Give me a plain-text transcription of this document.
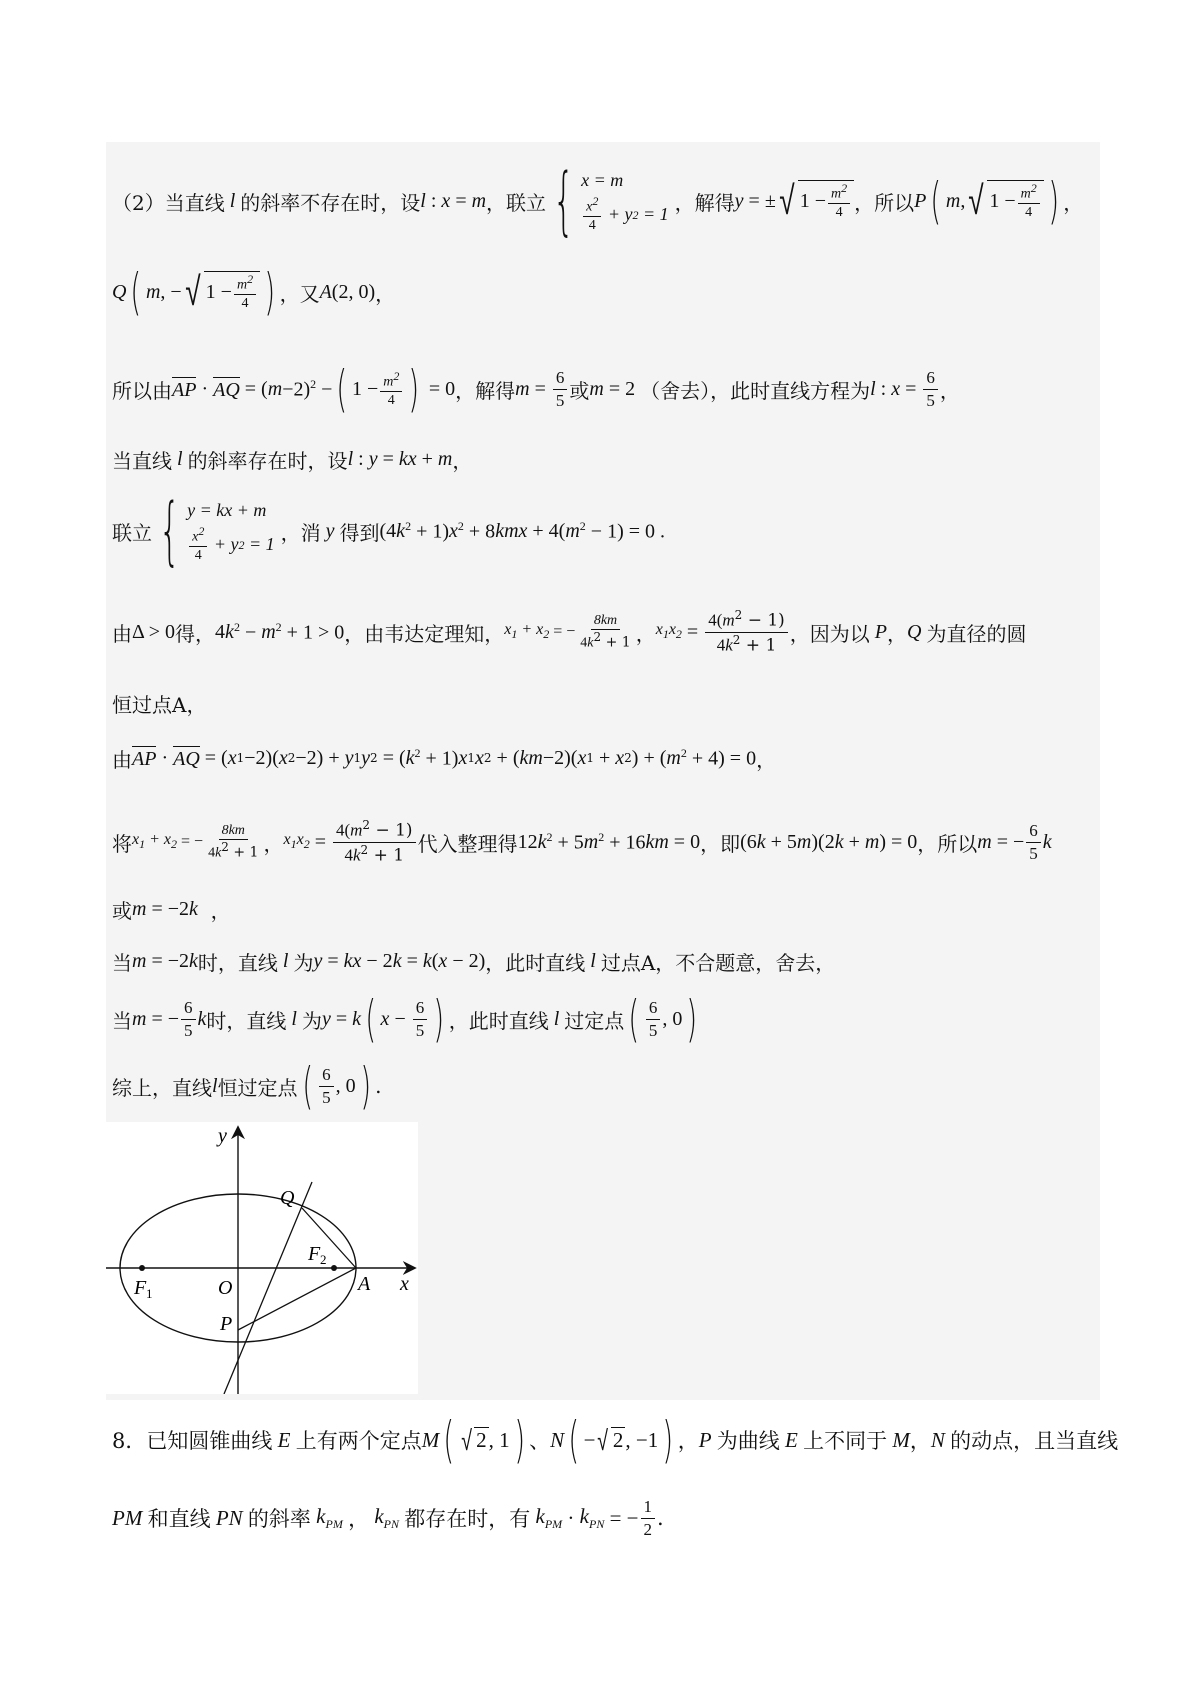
（2）当直线 l 的斜率不存在时，设 l : x = m ，联立 { x = m
$\frac{x^2}{4} + y$ 2 = 1 ，解得 y = ± √ $1 - \frac{m^2}{4}$ ，所以 P ( m , √ $1 - \frac{m^2}{4}$ ) ，
Q ( m , − √ $1 - \frac{m^2}{4}$ ) ，又 A (2, 0) ，
所以由 AP · AQ = ( m −2)$^2$ − ( $1 - \frac{m^2}{4}$ ) = 0 ，解得 $m = \frac{6}{5}$ 或 m = 2 （舍去），此时直线方程为 l : $x = \frac{6}{5}$ ，
当直线 l 的斜率存在时，设 l : y = kx + m ，
联立 { y = kx + m
$\frac{x^2}{4} + y$ 2 = 1 ，消 y 得到 (4 k $^2$ + 1) x $^2$ + 8 kmx + 4( m $^2$ − 1) = 0 .
由 Δ > 0 得， 4 k $^2$ − m $^2$ + 1 > 0 ，由韦达定理知， $x_1 + x_2$ = − $\frac{8km}{4k^2 + 1}$ ， $x_1x_2 = \frac{4(m^2 - 1)}{4k^2 + 1}$ ，因为以 P ， Q 为直径的圆
恒过点A，
由 AP · AQ = ( x 1 −2)( x 2 −2) + y 1 y 2 = ( k $^2$ + 1) x 1 x 2 + ( km −2)( x 1 + x 2 ) + ( m $^2$ + 4) = 0 ，
将 $x_1 + x_2$ = − $\frac{8km}{4k^2 + 1}$ ， $x_1x_2 = \frac{4(m^2 - 1)}{4k^2 + 1}$ 代入整理得 12 k $^2$ + 5 m $^2$ + 16 km = 0 ，即 (6 k + 5 m )(2 k + m ) = 0 ，所以 m = − $\frac{6}{5}$ k
或 m = −2 k ，
当 m = −2 k 时，直线 l 为 y = kx − 2 k = k ( x − 2) ，此时直线 l 过点A，不合题意，舍去，
当 m = − $\frac{6}{5}$ k 时，直线 l 为 y = k ( $x - \frac{6}{5}$ ) ，此时直线 l 过定点 ( $\frac{6}{5}$ , 0 )
综上，直线 l 恒过定点 ( $\frac{6}{5}$ , 0 ) .
y
x
Q
F 2
F 1	O	A
P
8．已知圆锥曲线 E 上有两个定点 M ( √ 2 , 1 ) 、 N ( − √ 2 , −1 ) ， P 为曲线 E 上不同于 M ， N 的动点，且当直线
PM 和直线 PN 的斜率 $k_{PM}$ ， $k_{PN}$ 都存在时，有 $k_{PM} \cdot k_{PN}$ = − $\frac{1}{2}$ .
